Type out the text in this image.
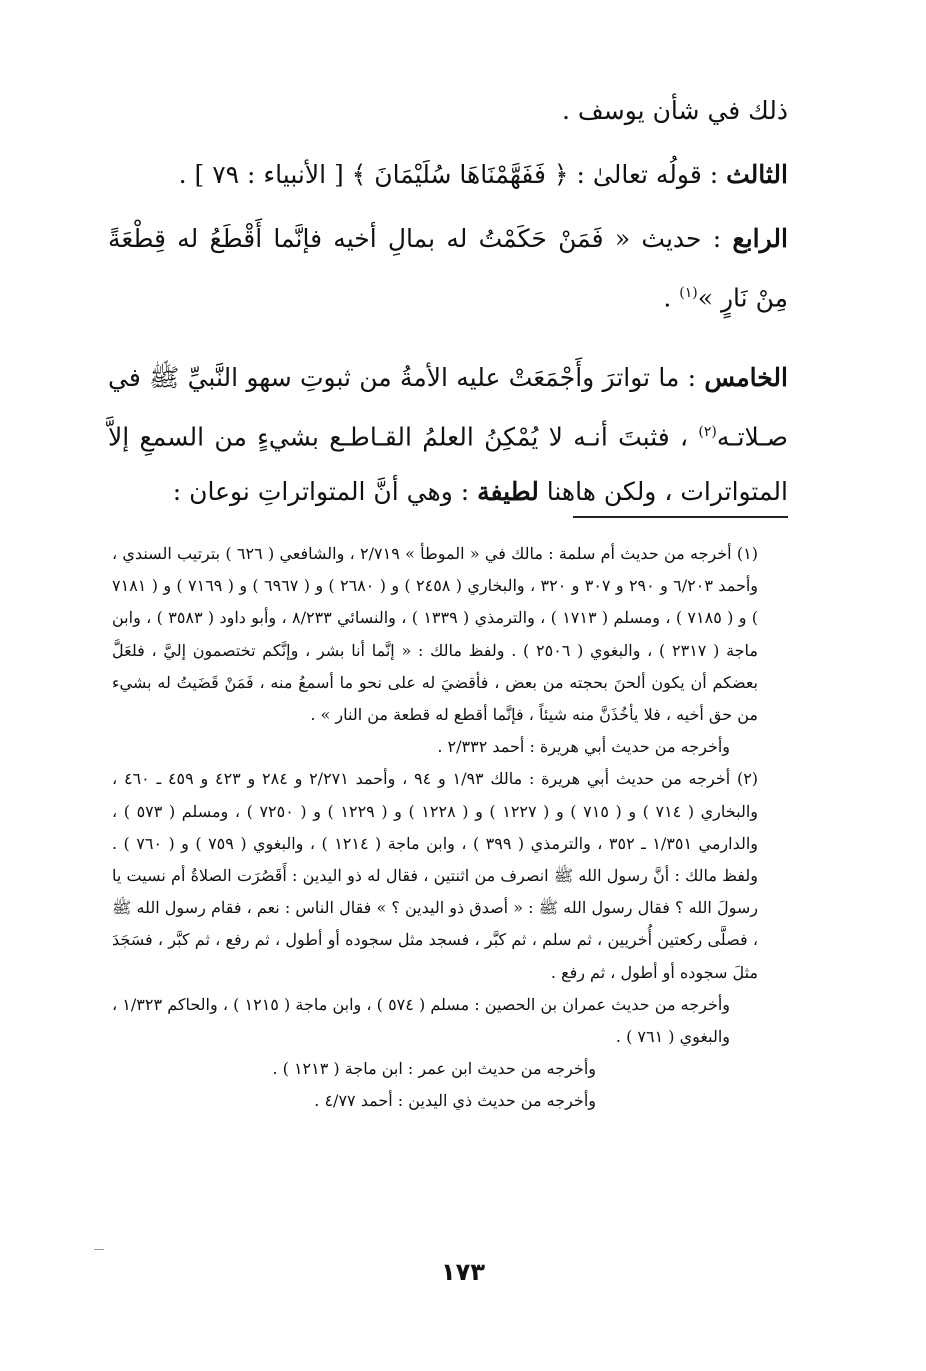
ذلك في شأن يوسف .

الثالث : قولُه تعالىٰ : ﴿ فَفَهَّمْنَاهَا سُلَيْمَانَ ﴾ [ الأنبياء : ٧٩ ] .

الرابع : حديث « فَمَنْ حَكَمْتُ له بمالِ أخيه فإنَّما أَقْطَعُ له قِطْعَةً مِنْ نَارٍ »$^{(١)}$ .

الخامس : ما تواترَ وأَجْمَعَتْ عليه الأمةُ من ثبوتِ سهو النَّبيِّ ﷺ في صـلاتـه$^{(٢)}$ ، فثبتَ أنـه لا يُمْكِنُ العلمُ القـاطـع بشيءٍ من السمعِ إلاَّ المتواترات ، ولكن هاهنا لطيفة : وهي أنَّ المتواتراتِ نوعان :

(١) أخرجه من حديث أم سلمة : مالك في « الموطأ » ٢/٧١٩ ، والشافعي ( ٦٢٦ ) بترتيب السندي ، وأحمد ٦/٢٠٣ و ٢٩٠ و ٣٠٧ و ٣٢٠ ، والبخاري ( ٢٤٥٨ ) و ( ٢٦٨٠ ) و ( ٦٩٦٧ ) و ( ٧١٦٩ ) و ( ٧١٨١ ) و ( ٧١٨٥ ) ، ومسلم ( ١٧١٣ ) ، والترمذي ( ١٣٣٩ ) ، والنسائي ٨/٢٣٣ ، وأبو داود ( ٣٥٨٣ ) ، وابن ماجة ( ٢٣١٧ ) ، والبغوي ( ٢٥٠٦ ) . ولفظ مالك : « إنَّما أنا بشر ، وإنَّكم تختصمون إليَّ ، فلعَلَّ بعضكم أن يكون ألحنَ بحجته من بعض ، فأقضيَ له على نحو ما أسمعُ منه ، فَمَنْ قَضَيتُ له بشيء من حق أخيه ، فلا يأخُذَنَّ منه شيئاً ، فإنَّما أقطع له قطعة من النار » .

وأخرجه من حديث أبي هريرة : أحمد ٢/٣٣٢ .

(٢) أخرجه من حديث أبي هريرة : مالك ١/٩٣ و ٩٤ ، وأحمد ٢/٢٧١ و ٢٨٤ و ٤٢٣ و ٤٥٩ ـ ٤٦٠ ، والبخاري ( ٧١٤ ) و ( ٧١٥ ) و ( ١٢٢٧ ) و ( ١٢٢٨ ) و ( ١٢٢٩ ) و ( ٧٢٥٠ ) ، ومسلم ( ٥٧٣ ) ، والدارمي ١/٣٥١ ـ ٣٥٢ ، والترمذي ( ٣٩٩ ) ، وابن ماجة ( ١٢١٤ ) ، والبغوي ( ٧٥٩ ) و ( ٧٦٠ ) . ولفظ مالك : أنَّ رسول الله ﷺ انصرف من اثنتين ، فقال له ذو اليدين : أَقَصُرَت الصلاةُ أم نسيت يا رسولَ الله ؟ فقال رسول الله ﷺ : « أصدق ذو اليدين ؟ » فقال الناس : نعم ، فقام رسول الله ﷺ ، فصلَّى ركعتين أُخريين ، ثم سلم ، ثم كبَّر ، فسجد مثل سجوده أو أطول ، ثم رفع ، ثم كبَّر ، فسَجَدَ مثلَ سجوده أو أطول ، ثم رفع .

وأخرجه من حديث عمران بن الحصين : مسلم ( ٥٧٤ ) ، وابن ماجة ( ١٢١٥ ) ، والحاكم ١/٣٢٣ ، والبغوي ( ٧٦١ ) .

وأخرجه من حديث ابن عمر : ابن ماجة ( ١٢١٣ ) .

وأخرجه من حديث ذي اليدين : أحمد ٤/٧٧ .

١٧٣
